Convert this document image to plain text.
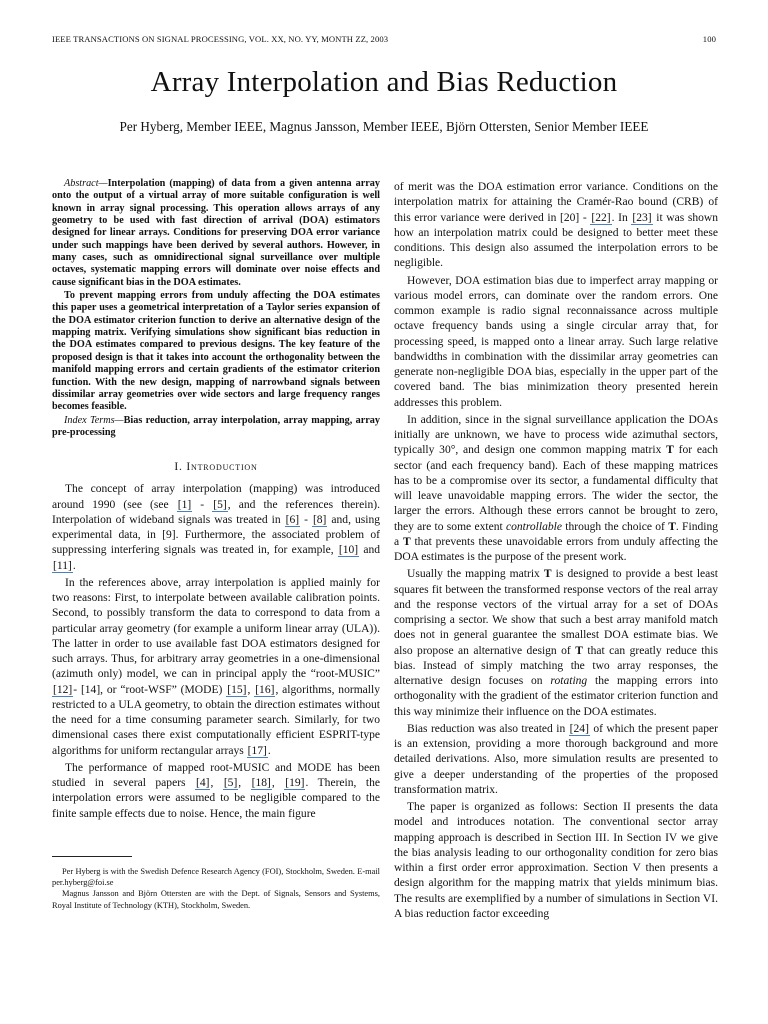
IEEE TRANSACTIONS ON SIGNAL PROCESSING, VOL. XX, NO. YY, MONTH ZZ, 2003	100
Array Interpolation and Bias Reduction
Per Hyberg, Member IEEE, Magnus Jansson, Member IEEE, Björn Ottersten, Senior Member IEEE

Abstract—Interpolation (mapping) of data from a given antenna array onto the output of a virtual array of more suitable configuration is well known in array signal processing. This operation allows arrays of any geometry to be used with fast direction of arrival (DOA) estimators designed for linear arrays. Conditions for preserving DOA error variance under such mappings have been derived by several authors. However, in many cases, such as omnidirectional signal surveillance over multiple octaves, systematic mapping errors will dominate over noise effects and cause significant bias in the DOA estimates.

To prevent mapping errors from unduly affecting the DOA estimates this paper uses a geometrical interpretation of a Taylor series expansion of the DOA estimator criterion function to derive an alternative design of the mapping matrix. Verifying simulations show significant bias reduction in the DOA estimates compared to previous designs. The key feature of the proposed design is that it takes into account the orthogonality between the manifold mapping errors and certain gradients of the estimator criterion function. With the new design, mapping of narrowband signals between dissimilar array geometries over wide sectors and large frequency ranges becomes feasible.

Index Terms—Bias reduction, array interpolation, array mapping, array pre-processing

I. Introduction

The concept of array interpolation (mapping) was introduced around 1990 (see (see [1] - [5], and the references therein). Interpolation of wideband signals was treated in [6] - [8] and, using experimental data, in [9]. Furthermore, the associated problem of suppressing interfering signals was treated in, for example, [10] and [11].

In the references above, array interpolation is applied mainly for two reasons: First, to interpolate between available calibration points. Second, to possibly transform the data to correspond to data from a particular array geometry (for example a uniform linear array (ULA)). The latter in order to use available fast DOA estimators designed for such arrays. Thus, for arbitrary array geometries in a one-dimensional (azimuth only) model, we can in principal apply the “root-MUSIC” [12]- [14], or “root-WSF” (MODE) [15], [16], algorithms, normally restricted to a ULA geometry, to obtain the direction estimates without the need for a time consuming parameter search. Similarly, for two dimensional cases there exist computationally efficient ESPRIT-type algorithms for uniform rectangular arrays [17].

The performance of mapped root-MUSIC and MODE has been studied in several papers [4], [5], [18], [19]. Therein, the interpolation errors were assumed to be negligible compared to the finite sample effects due to noise. Hence, the main figure

Per Hyberg is with the Swedish Defence Research Agency (FOI), Stockholm, Sweden. E-mail per.hyberg@foi.se

Magnus Jansson and Björn Ottersten are with the Dept. of Signals, Sensors and Systems, Royal Institute of Technology (KTH), Stockholm, Sweden.

of merit was the DOA estimation error variance. Conditions on the interpolation matrix for attaining the Cramér-Rao bound (CRB) of this error variance were derived in [20] - [22]. In [23] it was shown how an interpolation matrix could be designed to better meet these conditions. This design also assumed the interpolation errors to be negligible.

However, DOA estimation bias due to imperfect array mapping or various model errors, can dominate over the random errors. One common example is radio signal reconnaissance across multiple octave frequency bands using a single circular array that, for processing speed, is mapped onto a linear array. Such large relative bandwidths in combination with the dissimilar array geometries can generate non-negligible DOA bias, especially in the upper part of the covered band. The bias minimization theory presented herein addresses this problem.

In addition, since in the signal surveillance application the DOAs initially are unknown, we have to process wide azimuthal sectors, typically 30°, and design one common mapping matrix T for each sector (and each frequency band). Each of these mapping matrices has to be a compromise over its sector, a fundamental difficulty that will leave unavoidable mapping errors. The wider the sector, the larger the errors. Although these errors cannot be brought to zero, they are to some extent controllable through the choice of T. Finding a T that prevents these unavoidable errors from unduly affecting the DOA estimates is the purpose of the present work.

Usually the mapping matrix T is designed to provide a best least squares fit between the transformed response vectors of the real array and the response vectors of the virtual array for a set of DOAs comprising a sector. We show that such a best array manifold match does not in general guarantee the smallest DOA estimate bias. We also propose an alternative design of T that can greatly reduce this bias. Instead of simply matching the two array responses, the alternative design focuses on rotating the mapping errors into orthogonality with the gradient of the estimator criterion function and this way minimize their influence on the DOA estimates.

Bias reduction was also treated in [24] of which the present paper is an extension, providing a more thorough background and more detailed derivations. Also, more simulation results are presented to give a deeper understanding of the properties of the proposed transformation matrix.

The paper is organized as follows: Section II presents the data model and introduces notation. The conventional sector array mapping approach is described in Section III. In Section IV we give the bias analysis leading to our orthogonality condition for zero bias within a first order error approximation. Section V then presents a design algorithm for the mapping matrix that yields minimum bias. The results are exemplified by a number of simulations in Section VI. A bias reduction factor exceeding
